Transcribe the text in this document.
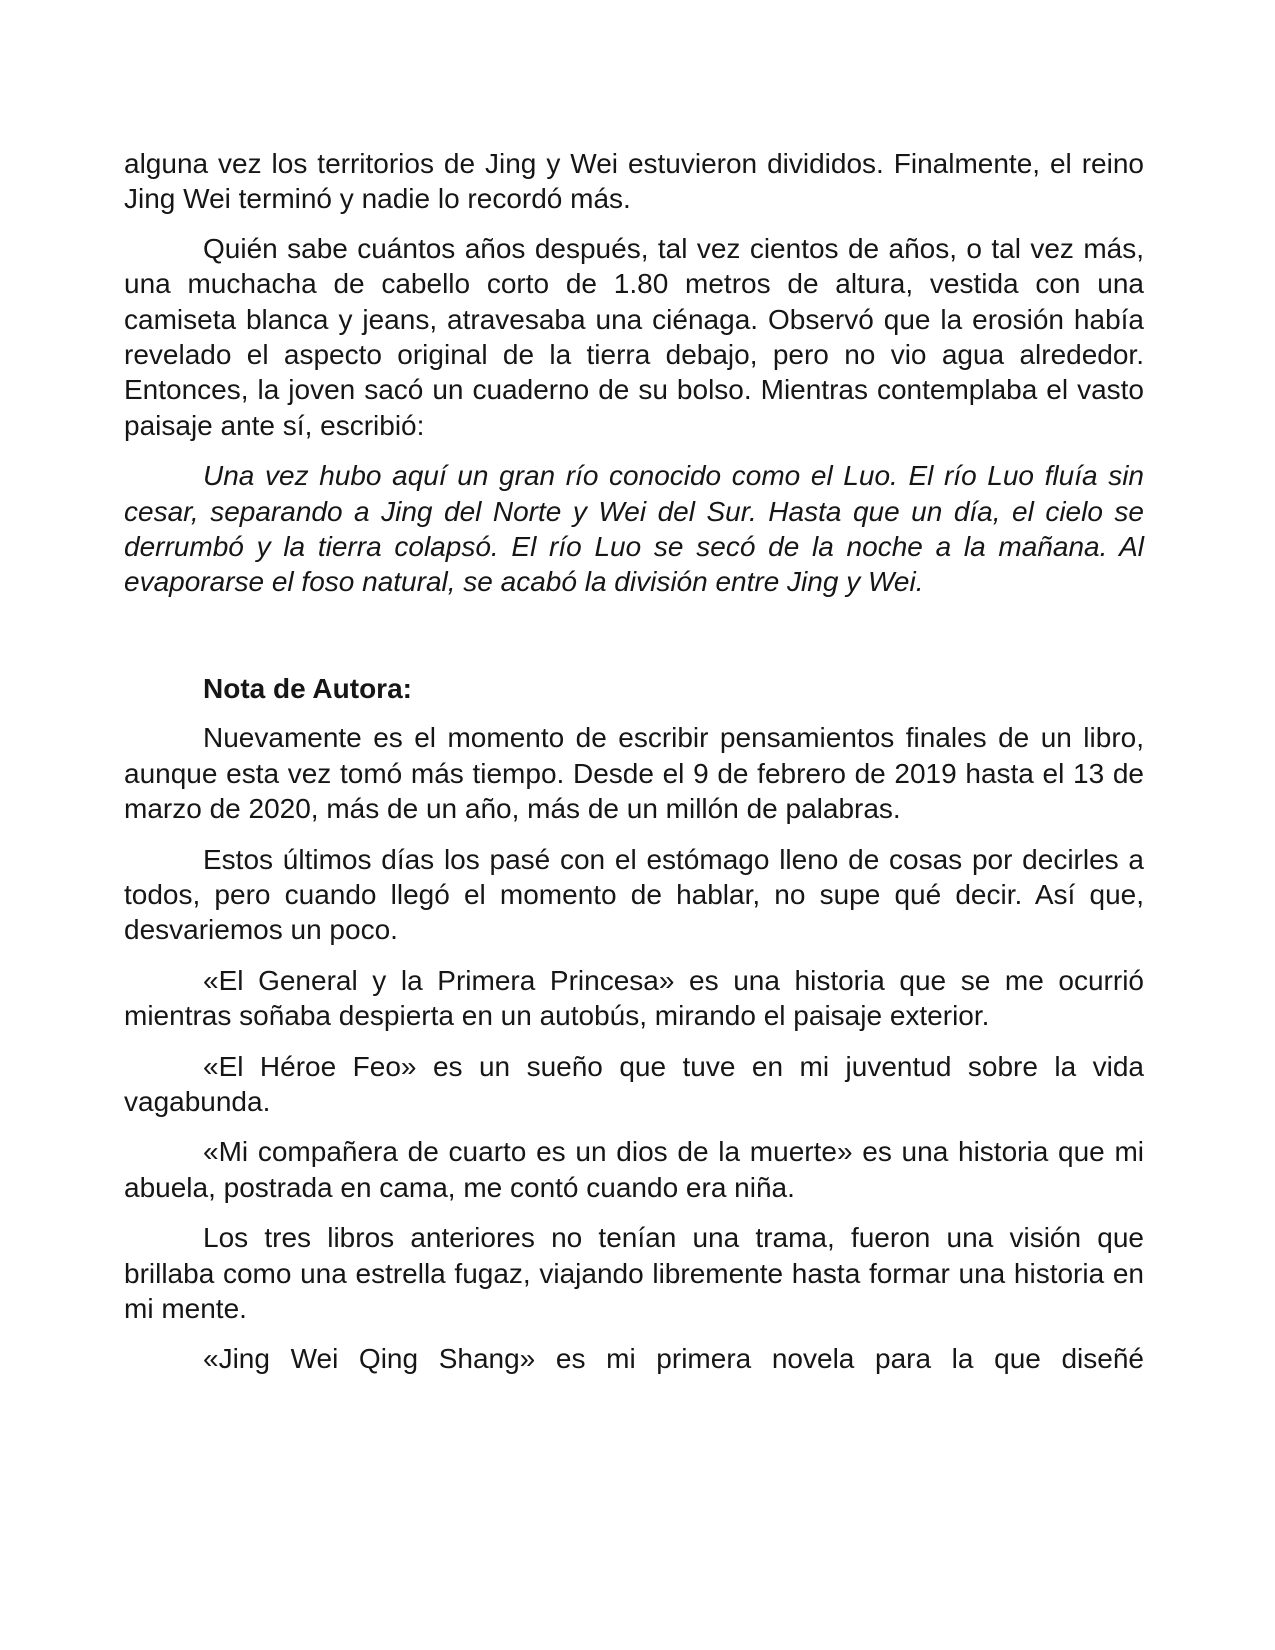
alguna vez los territorios de Jing y Wei estuvieron divididos. Finalmente, el reino Jing Wei terminó y nadie lo recordó más.

Quién sabe cuántos años después, tal vez cientos de años, o tal vez más, una muchacha de cabello corto de 1.80 metros de altura, vestida con una camiseta blanca y jeans, atravesaba una ciénaga. Observó que la erosión había revelado el aspecto original de la tierra debajo, pero no vio agua alrededor. Entonces, la joven sacó un cuaderno de su bolso. Mientras contemplaba el vasto paisaje ante sí, escribió:

Una vez hubo aquí un gran río conocido como el Luo. El río Luo fluía sin cesar, separando a Jing del Norte y Wei del Sur. Hasta que un día, el cielo se derrumbó y la tierra colapsó. El río Luo se secó de la noche a la mañana. Al evaporarse el foso natural, se acabó la división entre Jing y Wei.

Nota de Autora:

Nuevamente es el momento de escribir pensamientos finales de un libro, aunque esta vez tomó más tiempo. Desde el 9 de febrero de 2019 hasta el 13 de marzo de 2020, más de un año, más de un millón de palabras.

Estos últimos días los pasé con el estómago lleno de cosas por decirles a todos, pero cuando llegó el momento de hablar, no supe qué decir. Así que, desvariemos un poco.

«El General y la Primera Princesa» es una historia que se me ocurrió mientras soñaba despierta en un autobús, mirando el paisaje exterior.

«El Héroe Feo» es un sueño que tuve en mi juventud sobre la vida vagabunda.

«Mi compañera de cuarto es un dios de la muerte» es una historia que mi abuela, postrada en cama, me contó cuando era niña.

Los tres libros anteriores no tenían una trama, fueron una visión que brillaba como una estrella fugaz, viajando libremente hasta formar una historia en mi mente.

«Jing Wei Qing Shang» es mi primera novela para la que diseñé
